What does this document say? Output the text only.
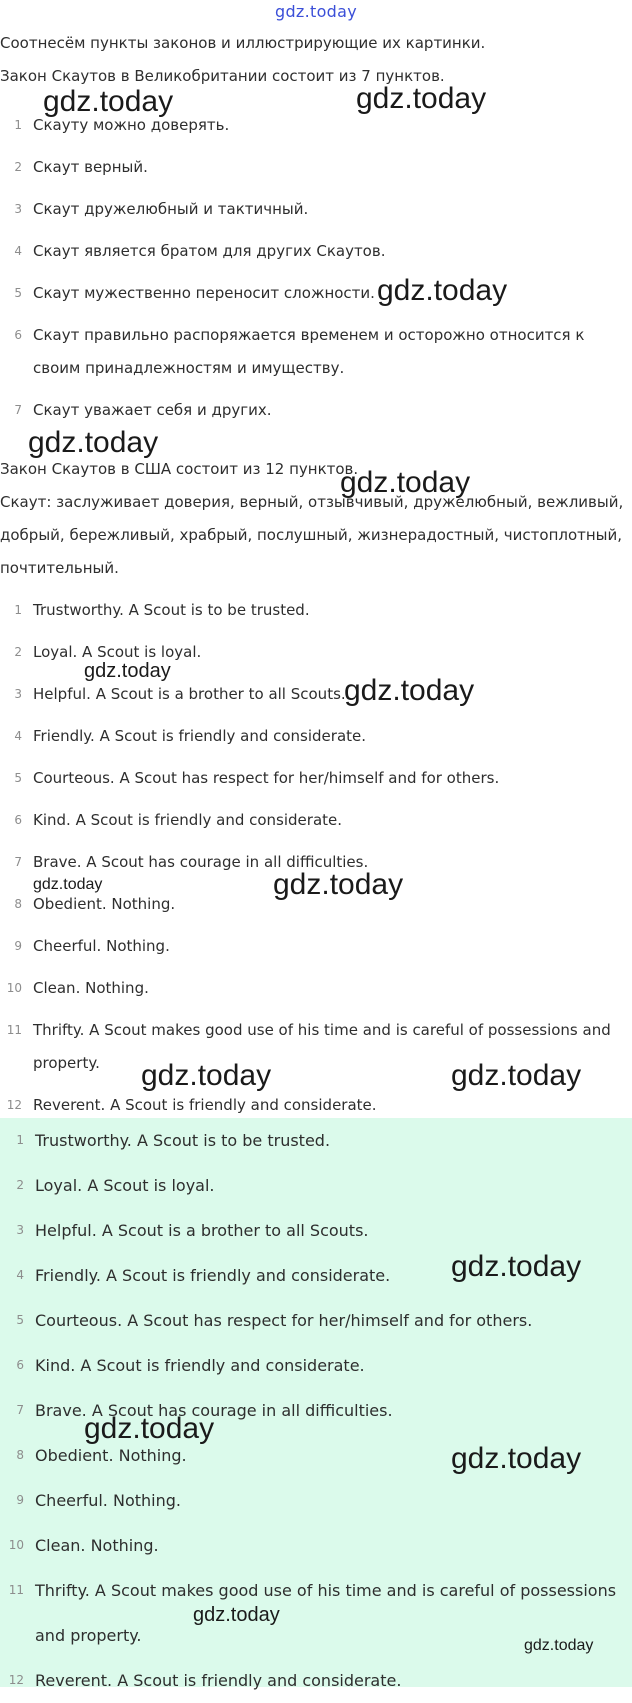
gdz.today

Соотнесём пункты законов и иллюстрирующие их картинки.

Закон Скаутов в Великобритании состоит из 7 пунктов.

1 Скауту можно доверять.
2 Скаут верный.
3 Скаут дружелюбный и тактичный.
4 Скаут является братом для других Скаутов.
5 Скаут мужественно переносит сложности.
6 Скаут правильно распоряжается временем и осторожно относится к своим принадлежностям и имуществу.
7 Скаут уважает себя и других.

Закон Скаутов в США состоит из 12 пунктов.

Скаут: заслуживает доверия, верный, отзывчивый, дружелюбный, вежливый, добрый, бережливый, храбрый, послушный, жизнерадостный, чистоплотный, почтительный.

1 Trustworthy. A Scout is to be trusted.
2 Loyal. A Scout is loyal.
3 Helpful. A Scout is a brother to all Scouts.
4 Friendly. A Scout is friendly and considerate.
5 Courteous. A Scout has respect for her/himself and for others.
6 Kind. A Scout is friendly and considerate.
7 Brave. A Scout has courage in all difficulties.
8 Obedient. Nothing.
9 Cheerful. Nothing.
10 Clean. Nothing.
11 Thrifty. A Scout makes good use of his time and is careful of possessions and property.
12 Reverent. A Scout is friendly and considerate.
1 Trustworthy. A Scout is to be trusted.
2 Loyal. A Scout is loyal.
3 Helpful. A Scout is a brother to all Scouts.
4 Friendly. A Scout is friendly and considerate.
5 Courteous. A Scout has respect for her/himself and for others.
6 Kind. A Scout is friendly and considerate.
7 Brave. A Scout has courage in all difficulties.
8 Obedient. Nothing.
9 Cheerful. Nothing.
10 Clean. Nothing.
11 Thrifty. A Scout makes good use of his time and is careful of possessions and property.
12 Reverent. A Scout is friendly and considerate.
gdz.today	gdz.today
gdz.today
gdz.today
gdz.today
gdz.today
gdz.today
gdz.today	gdz.today
gdz.today	gdz.today
gdz.today
gdz.today
gdz.today
gdz.today
gdz.today
